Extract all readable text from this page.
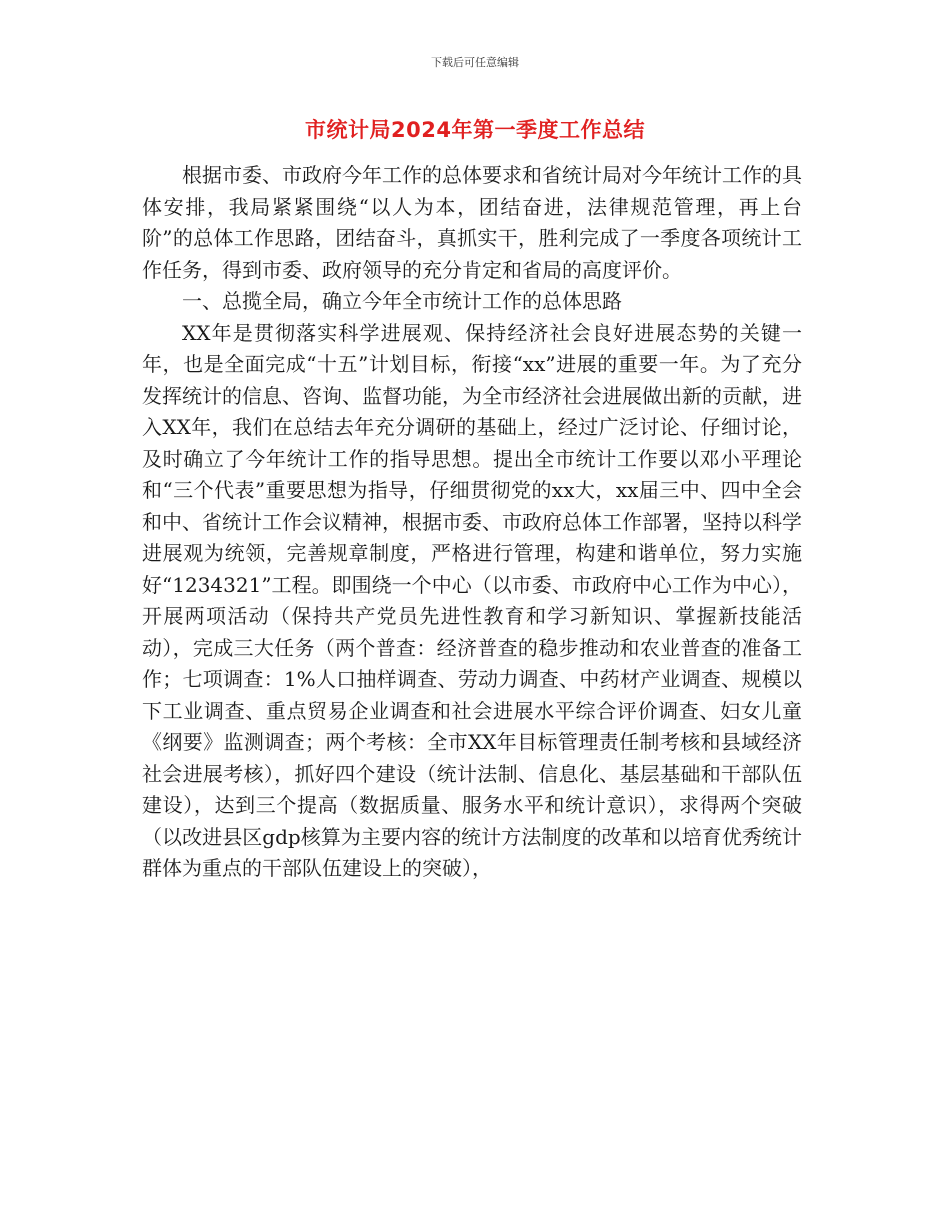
下载后可任意编辑
市统计局2024年第一季度工作总结

根据市委、市政府今年工作的总体要求和省统计局对今年统计工作的具体安排，我局紧紧围绕“以人为本，团结奋进，法律规范管理，再上台阶”的总体工作思路，团结奋斗，真抓实干，胜利完成了一季度各项统计工作任务，得到市委、政府领导的充分肯定和省局的高度评价。

一、总揽全局，确立今年全市统计工作的总体思路

XX年是贯彻落实科学进展观、保持经济社会良好进展态势的关键一年，也是全面完成“十五”计划目标，衔接“xx”进展的重要一年。为了充分发挥统计的信息、咨询、监督功能，为全市经济社会进展做出新的贡献，进入XX年，我们在总结去年充分调研的基础上，经过广泛讨论、仔细讨论，及时确立了今年统计工作的指导思想。提出全市统计工作要以邓小平理论和“三个代表”重要思想为指导，仔细贯彻党的xx大，xx届三中、四中全会和中、省统计工作会议精神，根据市委、市政府总体工作部署，坚持以科学进展观为统领，完善规章制度，严格进行管理，构建和谐单位，努力实施好“1234321”工程。即围绕一个中心（以市委、市政府中心工作为中心），开展两项活动（保持共产党员先进性教育和学习新知识、掌握新技能活动），完成三大任务（两个普查：经济普查的稳步推动和农业普查的准备工作；七项调查：1%人口抽样调查、劳动力调查、中药材产业调查、规模以下工业调查、重点贸易企业调查和社会进展水平综合评价调查、妇女儿童《纲要》监测调查；两个考核：全市XX年目标管理责任制考核和县域经济社会进展考核），抓好四个建设（统计法制、信息化、基层基础和干部队伍建设），达到三个提高（数据质量、服务水平和统计意识），求得两个突破（以改进县区gdp核算为主要内容的统计方法制度的改革和以培育优秀统计群体为重点的干部队伍建设上的突破），
